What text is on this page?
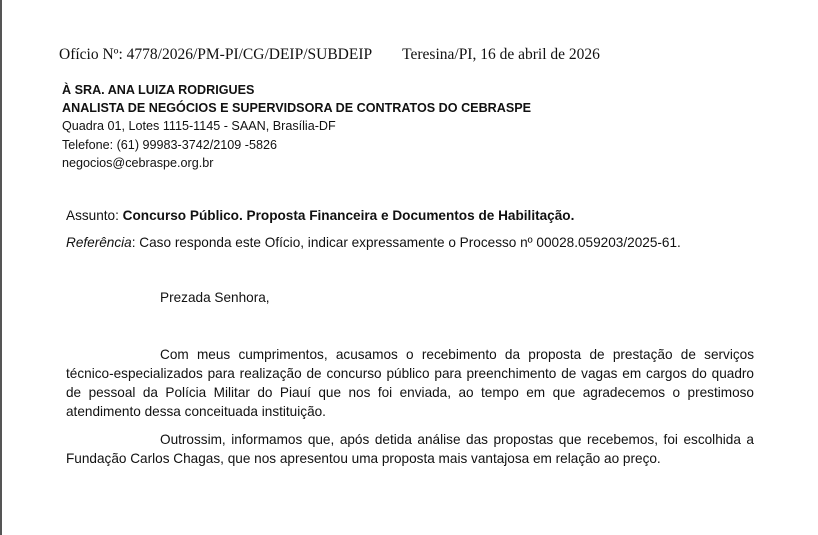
Ofício Nº: 4778/2026/PM-PI/CG/DEIP/SUBDEIP Teresina/PI, 16 de abril de 2026
À SRA. ANA LUIZA RODRIGUES
ANALISTA DE NEGÓCIOS E SUPERVIDSORA DE CONTRATOS DO CEBRASPE
Quadra 01, Lotes 1115-1145 - SAAN, Brasília-DF
Telefone: (61) 99983-3742/2109 -5826
negocios@cebraspe.org.br
Assunto: Concurso Público. Proposta Financeira e Documentos de Habilitação.
Referência: Caso responda este Ofício, indicar expressamente o Processo nº 00028.059203/2025-61.
Prezada Senhora,

Com meus cumprimentos, acusamos o recebimento da proposta de prestação de serviços técnico-especializados para realização de concurso público para preenchimento de vagas em cargos do quadro de pessoal da Polícia Militar do Piauí que nos foi enviada, ao tempo em que agradecemos o prestimoso atendimento dessa conceituada instituição.

Outrossim, informamos que, após detida análise das propostas que recebemos, foi escolhida a Fundação Carlos Chagas, que nos apresentou uma proposta mais vantajosa em relação ao preço.
